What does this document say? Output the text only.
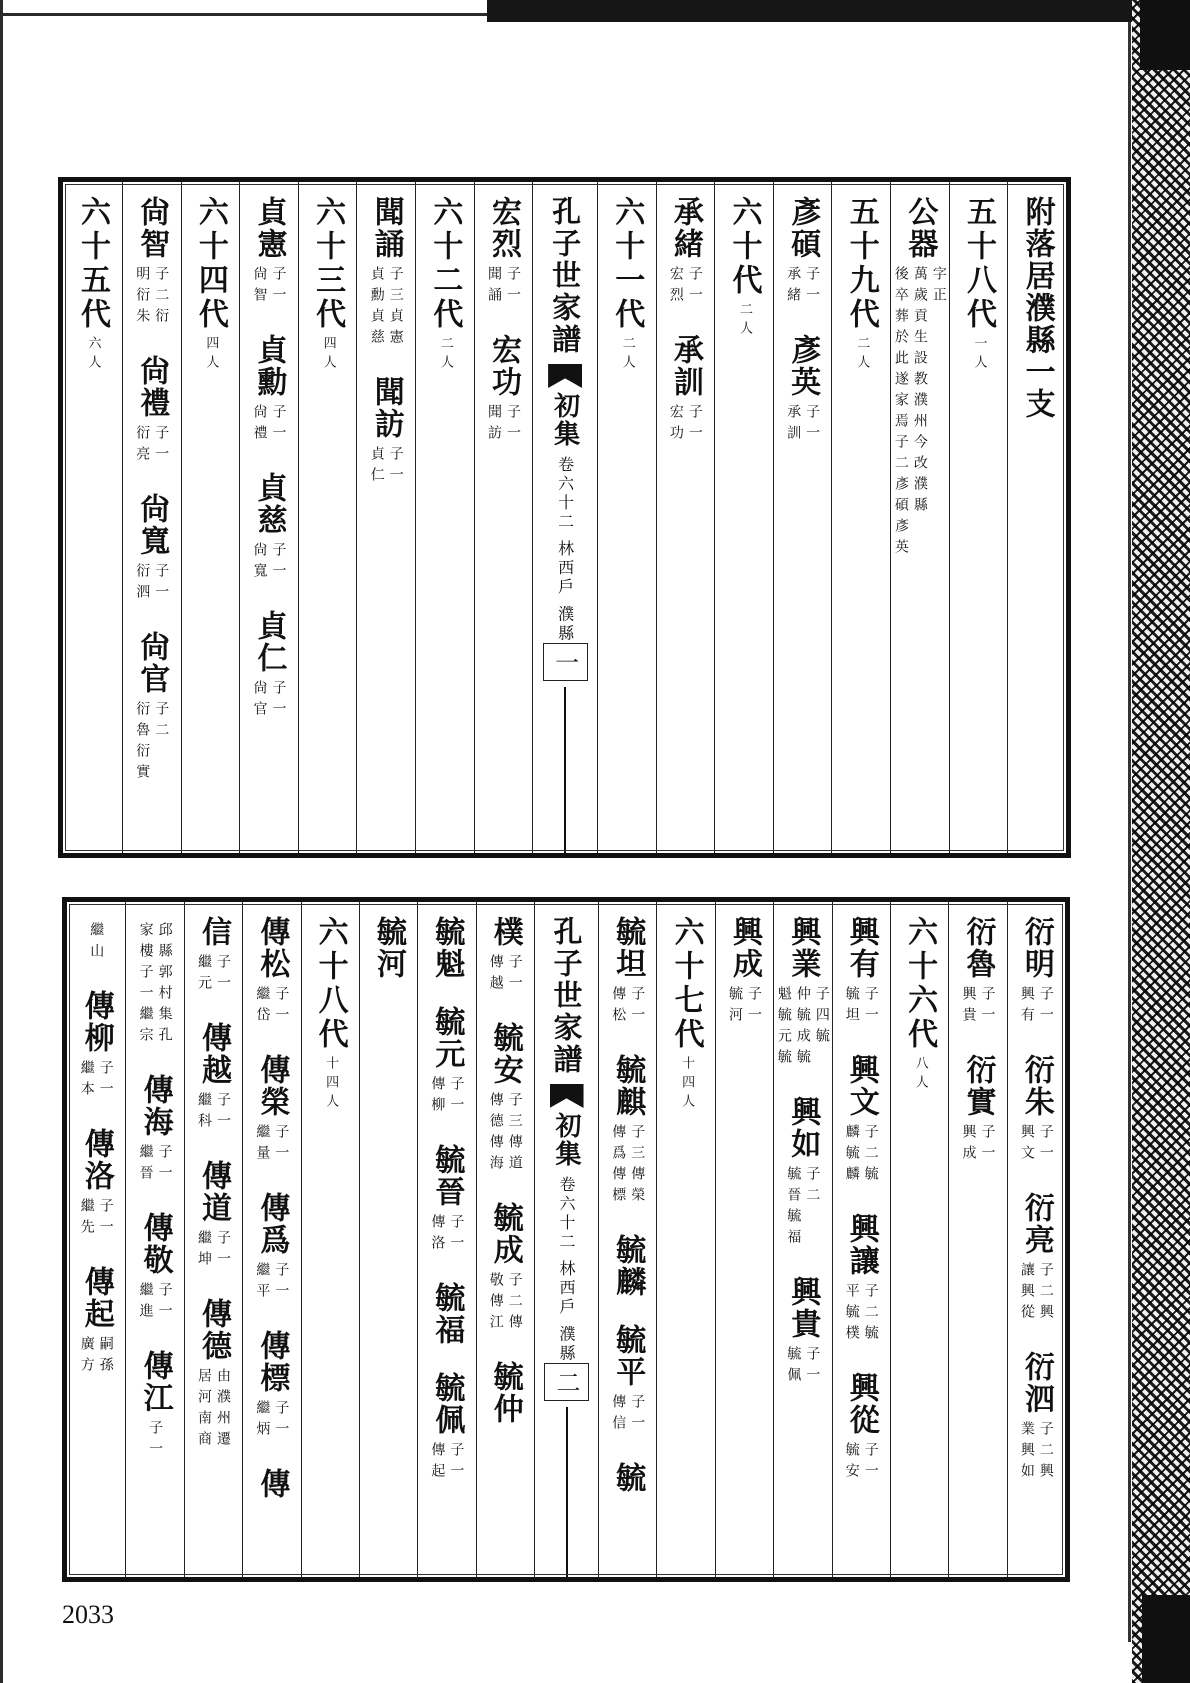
附落居濮縣一支
五十八代
一人
公器
字正
萬歲貢生設教濮州今改濮縣
後卒葬於此遂家焉子二彥碩彥英
五十九代
二人
彥碩
子一
承緒
彥英
子一
承訓
六十代
二人
承緒
子一
宏烈
承訓
子一
宏功
六十一代
二人
孔子世家譜
初集
卷六十二 林西戶 濮縣
一
宏烈
子一
聞誦
宏功
子一
聞訪
六十二代
二人
聞誦
子三貞憲
貞勳貞慈
聞訪
子一
貞仁
六十三代
四人
貞憲
子一
尙智
貞勳
子一
尙禮
貞慈
子一
尙寬
貞仁
子一
尙官
六十四代
四人
尙智
子二衍
明衍朱
尙禮
子一
衍亮
尙寬
子一
衍泗
尙官
子二
衍魯衍實
六十五代
六人
衍明
子一
興有
衍朱
子一
興文
衍亮
子二興
讓興從
衍泗
子二興
業興如
衍魯
子一
興貴
衍實
子一
興成
六十六代
八人
興有
子一
毓坦
興文
子二毓
麟毓麟
興讓
子二毓
平毓樸
興從
子一
毓安
興業
子四毓
仲毓成毓
魁毓元毓
興如
子二
毓晉毓福
興貴
子一
毓佩
興成
子一
毓河
六十七代
十四人
毓坦
子一
傳松
毓麒
子三傳榮
傳爲傳標
毓麟
毓平
子一
傳信
毓
孔子世家譜
初集
卷六十二 林西戶 濮縣
二
樸
子一
傳越
毓安
子三傳道
傳德傳海
毓成
子二傳
敬傳江
毓仲
毓魁
毓元
子一
傳柳
毓晉
子一
傳洛
毓福
毓佩
子一
傳起
毓河
六十八代
十四人
傳松
子一
繼岱
傳榮
子一
繼量
傳爲
子一
繼平
傳標
子一
繼炳
傳
信
子一
繼元
傳越
子一
繼科
傳道
子一
繼坤
傳德
由濮州遷
居河南商
邱縣郭村集孔
家樓子一繼宗
傳海
子一
繼晉
傳敬
子一
繼進
傳江
子一
繼山
傳柳
子一
繼本
傳洛
子一
繼先
傳起
嗣孫
廣方
2033
